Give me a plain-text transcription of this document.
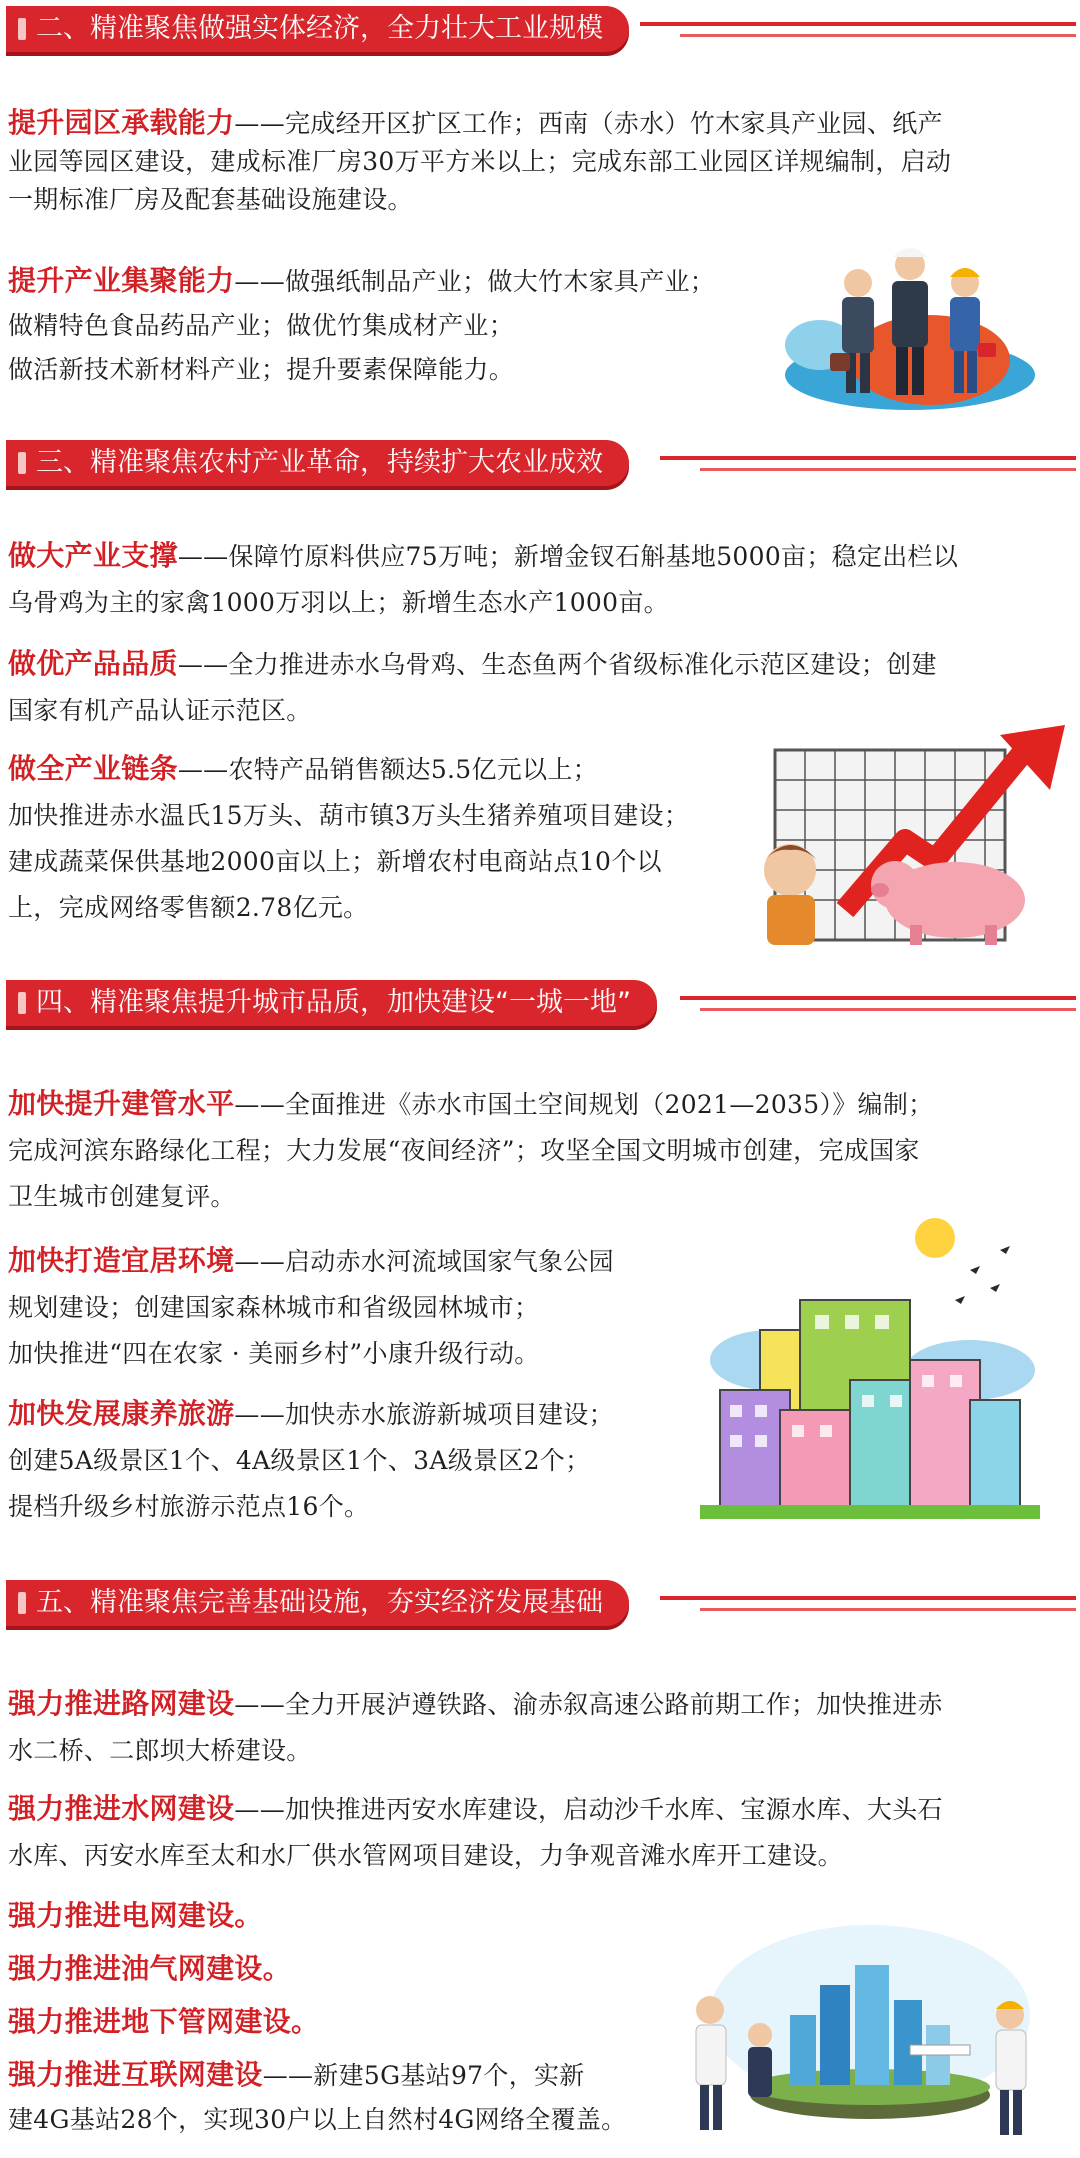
二、精准聚焦做强实体经济，全力壮大工业规模
提升园区承载能力——完成经开区扩区工作；西南（赤水）竹木家具产业园、纸产
业园等园区建设，建成标准厂房30万平方米以上；完成东部工业园区详规编制，启动
一期标准厂房及配套基础设施建设。
提升产业集聚能力——做强纸制品产业；做大竹木家具产业；
做精特色食品药品产业；做优竹集成材产业；
做活新技术新材料产业；提升要素保障能力。
三、精准聚焦农村产业革命，持续扩大农业成效
做大产业支撑——保障竹原料供应75万吨；新增金钗石斛基地5000亩；稳定出栏以
乌骨鸡为主的家禽1000万羽以上；新增生态水产1000亩。
做优产品品质——全力推进赤水乌骨鸡、生态鱼两个省级标准化示范区建设；创建
国家有机产品认证示范区。
做全产业链条——农特产品销售额达5.5亿元以上；
加快推进赤水温氏15万头、葫市镇3万头生猪养殖项目建设；
建成蔬菜保供基地2000亩以上；新增农村电商站点10个以
上，完成网络零售额2.78亿元。
四、精准聚焦提升城市品质，加快建设“一城一地”
加快提升建管水平——全面推进《赤水市国土空间规划（2021—2035）》编制；
完成河滨东路绿化工程；大力发展“夜间经济”；攻坚全国文明城市创建，完成国家
卫生城市创建复评。
加快打造宜居环境——启动赤水河流域国家气象公园
规划建设；创建国家森林城市和省级园林城市；
加快推进“四在农家 · 美丽乡村”小康升级行动。
加快发展康养旅游——加快赤水旅游新城项目建设；
创建5A级景区1个、4A级景区1个、3A级景区2个；
提档升级乡村旅游示范点16个。
五、精准聚焦完善基础设施，夯实经济发展基础
强力推进路网建设——全力开展泸遵铁路、渝赤叙高速公路前期工作；加快推进赤
水二桥、二郎坝大桥建设。
强力推进水网建设——加快推进丙安水库建设，启动沙千水库、宝源水库、大头石
水库、丙安水库至太和水厂供水管网项目建设，力争观音滩水库开工建设。
强力推进电网建设。
强力推进油气网建设。
强力推进地下管网建设。
强力推进互联网建设——新建5G基站97个，实新
建4G基站28个，实现30户以上自然村4G网络全覆盖。
